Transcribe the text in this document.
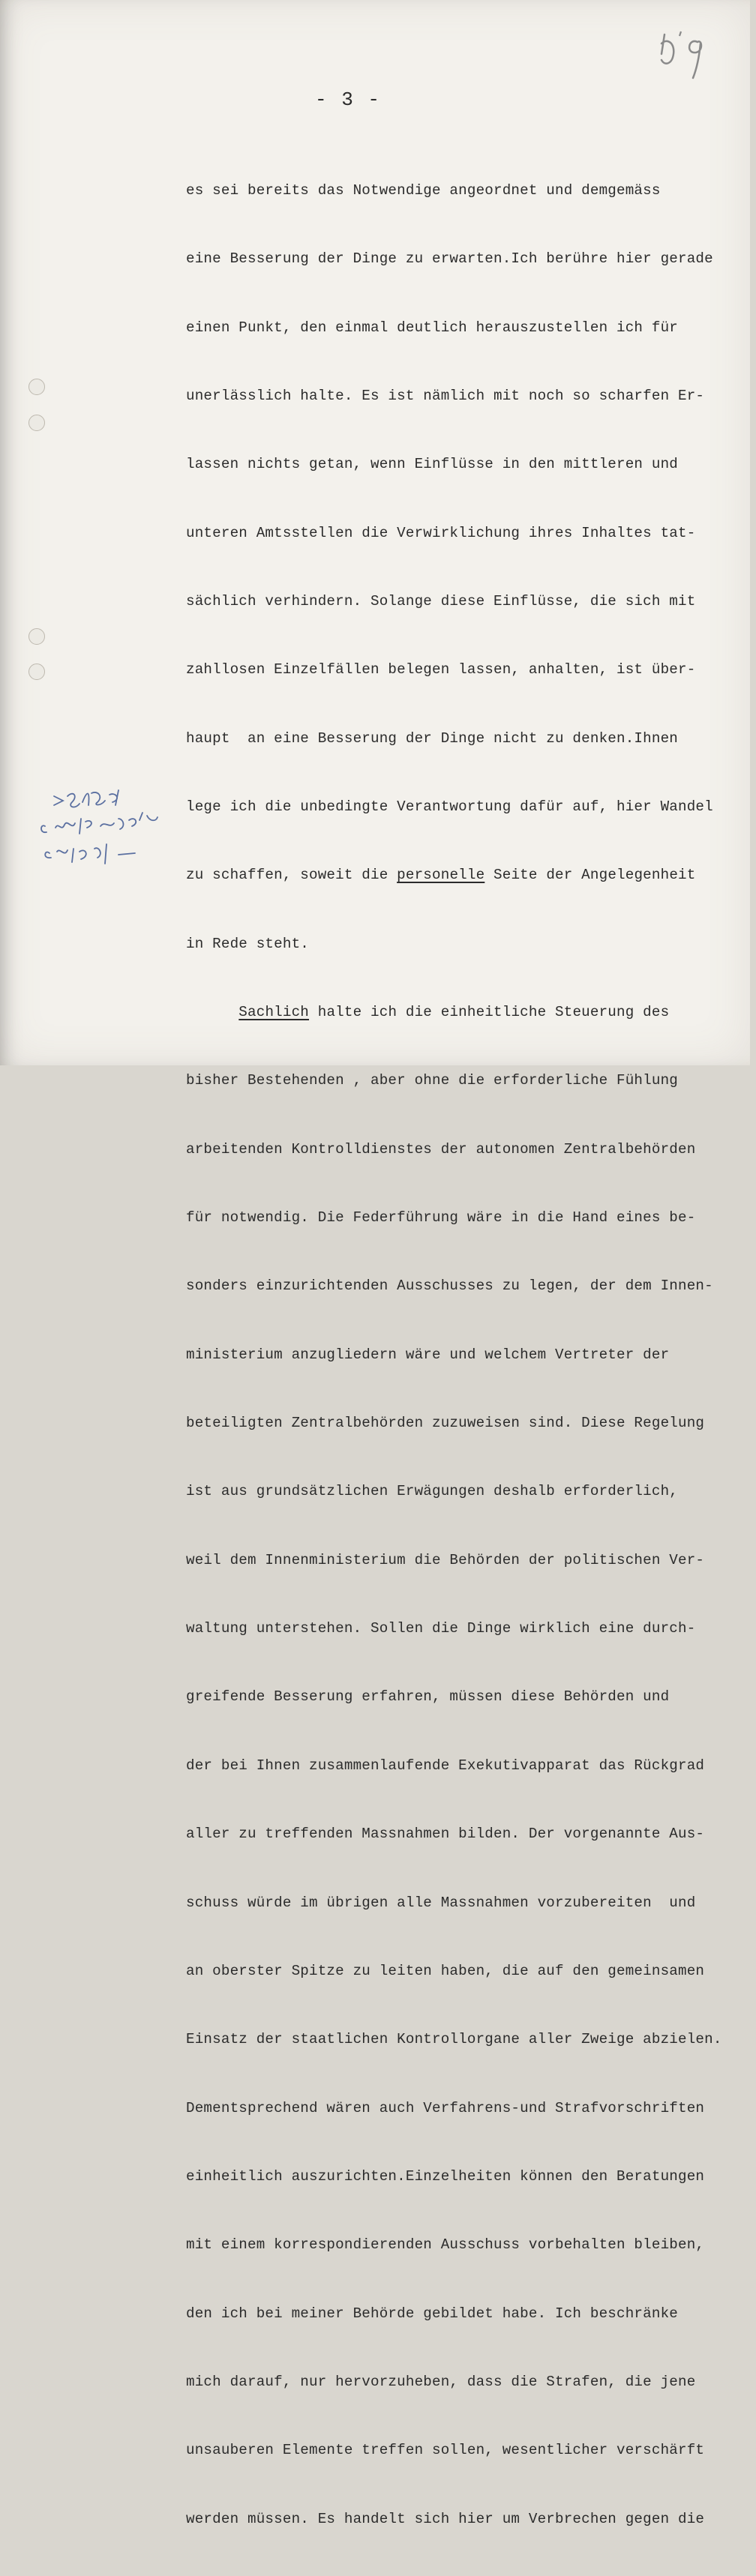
- 3 -

es sei bereits das Notwendige angeordnet und demgemäss

eine Besserung der Dinge zu erwarten.Ich berühre hier gerade

einen Punkt, den einmal deutlich herauszustellen ich für

unerlässlich halte. Es ist nämlich mit noch so scharfen Er-

lassen nichts getan, wenn Einflüsse in den mittleren und

unteren Amtsstellen die Verwirklichung ihres Inhaltes tat-

sächlich verhindern. Solange diese Einflüsse, die sich mit

zahllosen Einzelfällen belegen lassen, anhalten, ist über-

haupt  an eine Besserung der Dinge nicht zu denken.Ihnen

lege ich die unbedingte Verantwortung dafür auf, hier Wandel

zu schaffen, soweit die personelle Seite der Angelegenheit

in Rede steht.

Sachlich halte ich die einheitliche Steuerung des

bisher Bestehenden , aber ohne die erforderliche Fühlung

arbeitenden Kontrolldienstes der autonomen Zentralbehörden

für notwendig. Die Federführung wäre in die Hand eines be-

sonders einzurichtenden Ausschusses zu legen, der dem Innen-

ministerium anzugliedern wäre und welchem Vertreter der

beteiligten Zentralbehörden zuzuweisen sind. Diese Regelung

ist aus grundsätzlichen Erwägungen deshalb erforderlich,

weil dem Innenministerium die Behörden der politischen Ver-

waltung unterstehen. Sollen die Dinge wirklich eine durch-

greifende Besserung erfahren, müssen diese Behörden und

der bei Ihnen zusammenlaufende Exekutivapparat das Rückgrad

aller zu treffenden Massnahmen bilden. Der vorgenannte Aus-

schuss würde im übrigen alle Massnahmen vorzubereiten  und

an oberster Spitze zu leiten haben, die auf den gemeinsamen

Einsatz der staatlichen Kontrollorgane aller Zweige abzielen.

Dementsprechend wären auch Verfahrens-und Strafvorschriften

einheitlich auszurichten.Einzelheiten können den Beratungen

mit einem korrespondierenden Ausschuss vorbehalten bleiben,

den ich bei meiner Behörde gebildet habe. Ich beschränke

mich darauf, nur hervorzuheben, dass die Strafen, die jene

unsauberen Elemente treffen sollen, wesentlicher verschärft

werden müssen. Es handelt sich hier um Verbrechen gegen die
